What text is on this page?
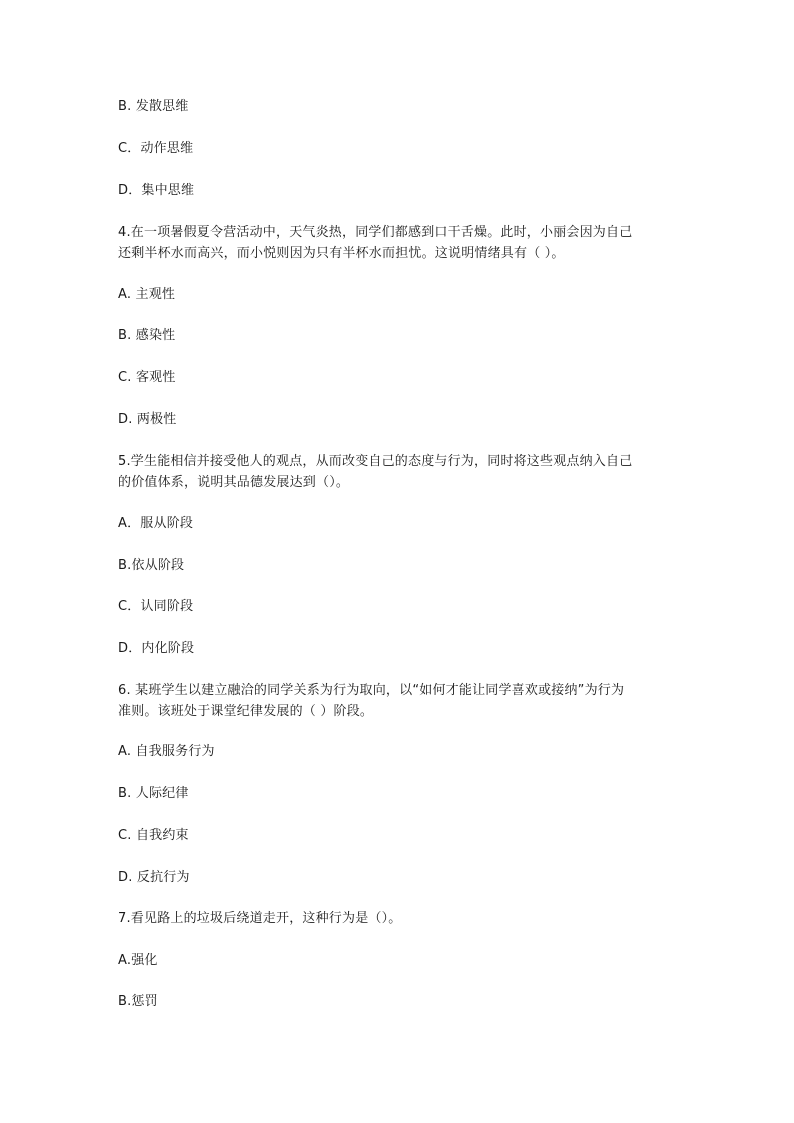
B. 发散思维
C．动作思维
D．集中思维
4.在一项暑假夏令营活动中，天气炎热，同学们都感到口干舌燥。此时，小丽会因为自己
还剩半杯水而高兴，而小悦则因为只有半杯水而担忧。这说明情绪具有（ ）。
A. 主观性
B. 感染性
C. 客观性
D. 两极性
5.学生能相信并接受他人的观点，从而改变自己的态度与行为，同时将这些观点纳入自己
的价值体系，说明其品德发展达到（）。
A．服从阶段
B.依从阶段
C．认同阶段
D．内化阶段
6. 某班学生以建立融洽的同学关系为行为取向，以“如何才能让同学喜欢或接纳”为行为
准则。该班处于课堂纪律发展的（ ）阶段。
A. 自我服务行为
B. 人际纪律
C. 自我约束
D. 反抗行为
7.看见路上的垃圾后绕道走开，这种行为是（）。
A.强化
B.惩罚
